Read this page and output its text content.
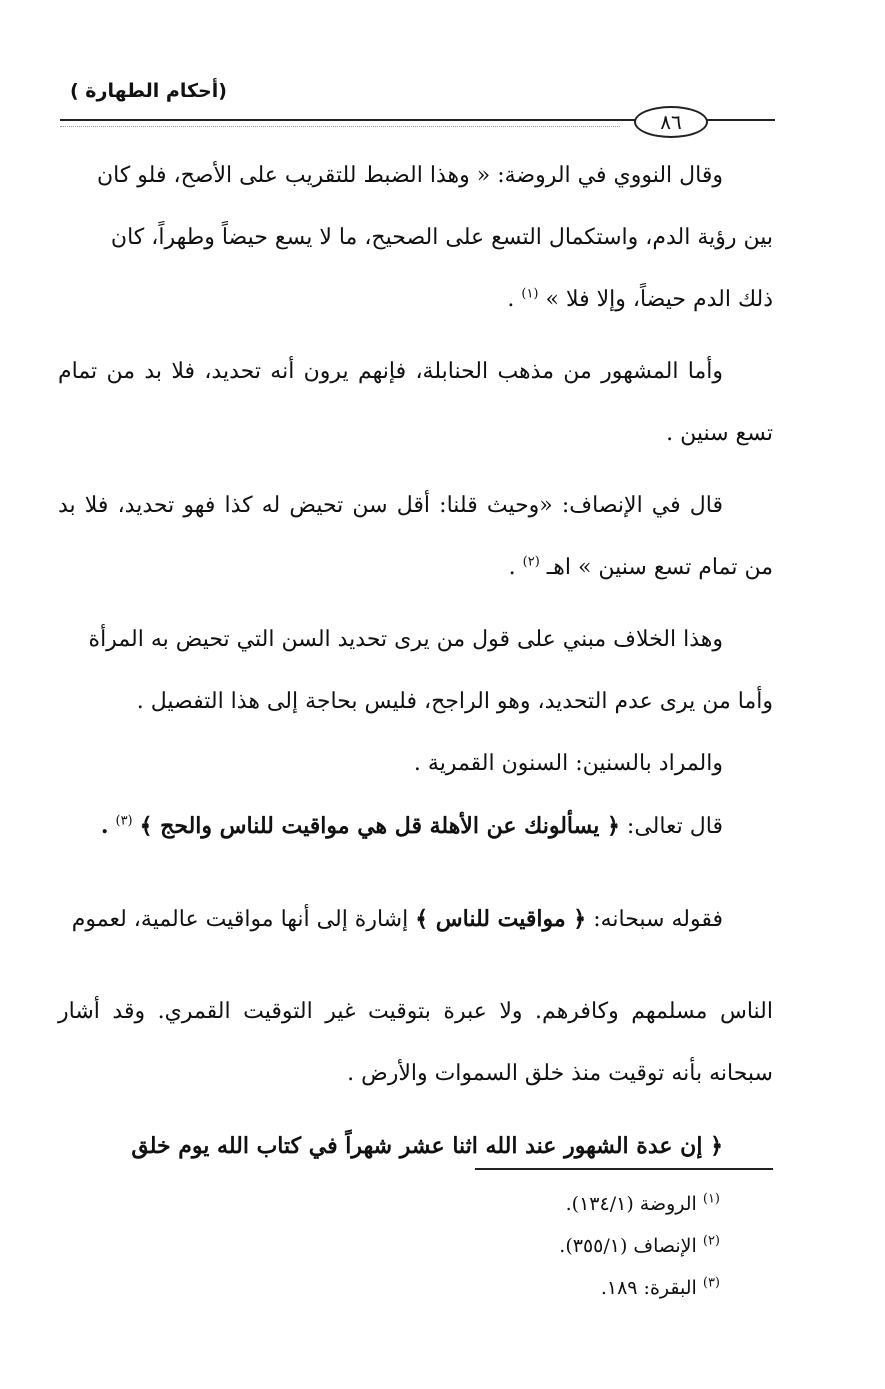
(أحكام الطهارة )
٨٦

وقال النووي في الروضة: « وهذا الضبط للتقريب على الأصح، فلو كان

بين رؤية الدم، واستكمال التسع على الصحيح، ما لا يسع حيضاً وطهراً، كان

ذلك الدم حيضاً، وإلا فلا » $^{(١)}$ .

وأما المشهور من مذهب الحنابلة، فإنهم يرون أنه تحديد، فلا بد من تمام تسع سنين .

قال في الإنصاف: «وحيث قلنا: أقل سن تحيض له كذا فهو تحديد، فلا بد من تمام تسع سنين » اهـ $^{(٢)}$ .

وهذا الخلاف مبني على قول من يرى تحديد السن التي تحيض به المرأة

وأما من يرى عدم التحديد، وهو الراجح، فليس بحاجة إلى هذا التفصيل .

والمراد بالسنين: السنون القمرية .

قال تعالى: ﴿ يسألونك عن الأهلة قل هي مواقيت للناس والحج ﴾ $^{(٣)}$ .

فقوله سبحانه: ﴿ مواقيت للناس ﴾ إشارة إلى أنها مواقيت عالمية، لعموم

الناس مسلمهم وكافرهم. ولا عبرة بتوقيت غير التوقيت القمري. وقد أشار سبحانه بأنه توقيت منذ خلق السموات والأرض .

﴿ إن عدة الشهور عند الله اثنا عشر شهراً في كتاب الله يوم خلق

$^{(١)}$ الروضة (١٣٤/١).
$^{(٢)}$ الإنصاف (٣٥٥/١).
$^{(٣)}$ البقرة: ١٨٩.
